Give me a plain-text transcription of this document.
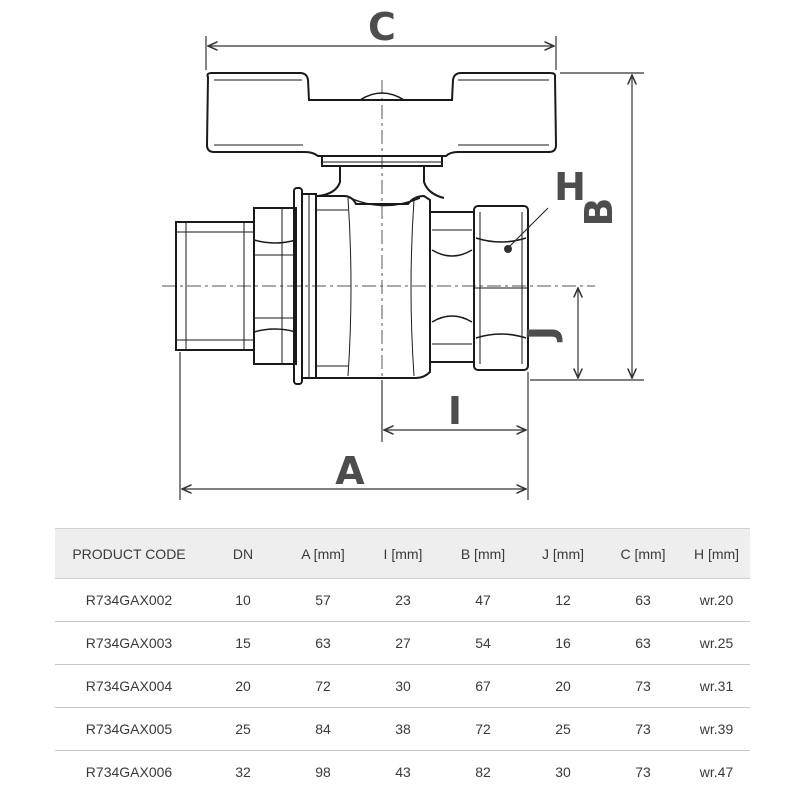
C
B
H
J
I
A
PRODUCT CODE	DN	A [mm]	I [mm]	B [mm]	J [mm]	C [mm]	H [mm]
R734GAX002	10	57	23	47	12	63	wr.20
R734GAX003	15	63	27	54	16	63	wr.25
R734GAX004	20	72	30	67	20	73	wr.31
R734GAX005	25	84	38	72	25	73	wr.39
R734GAX006	32	98	43	82	30	73	wr.47
